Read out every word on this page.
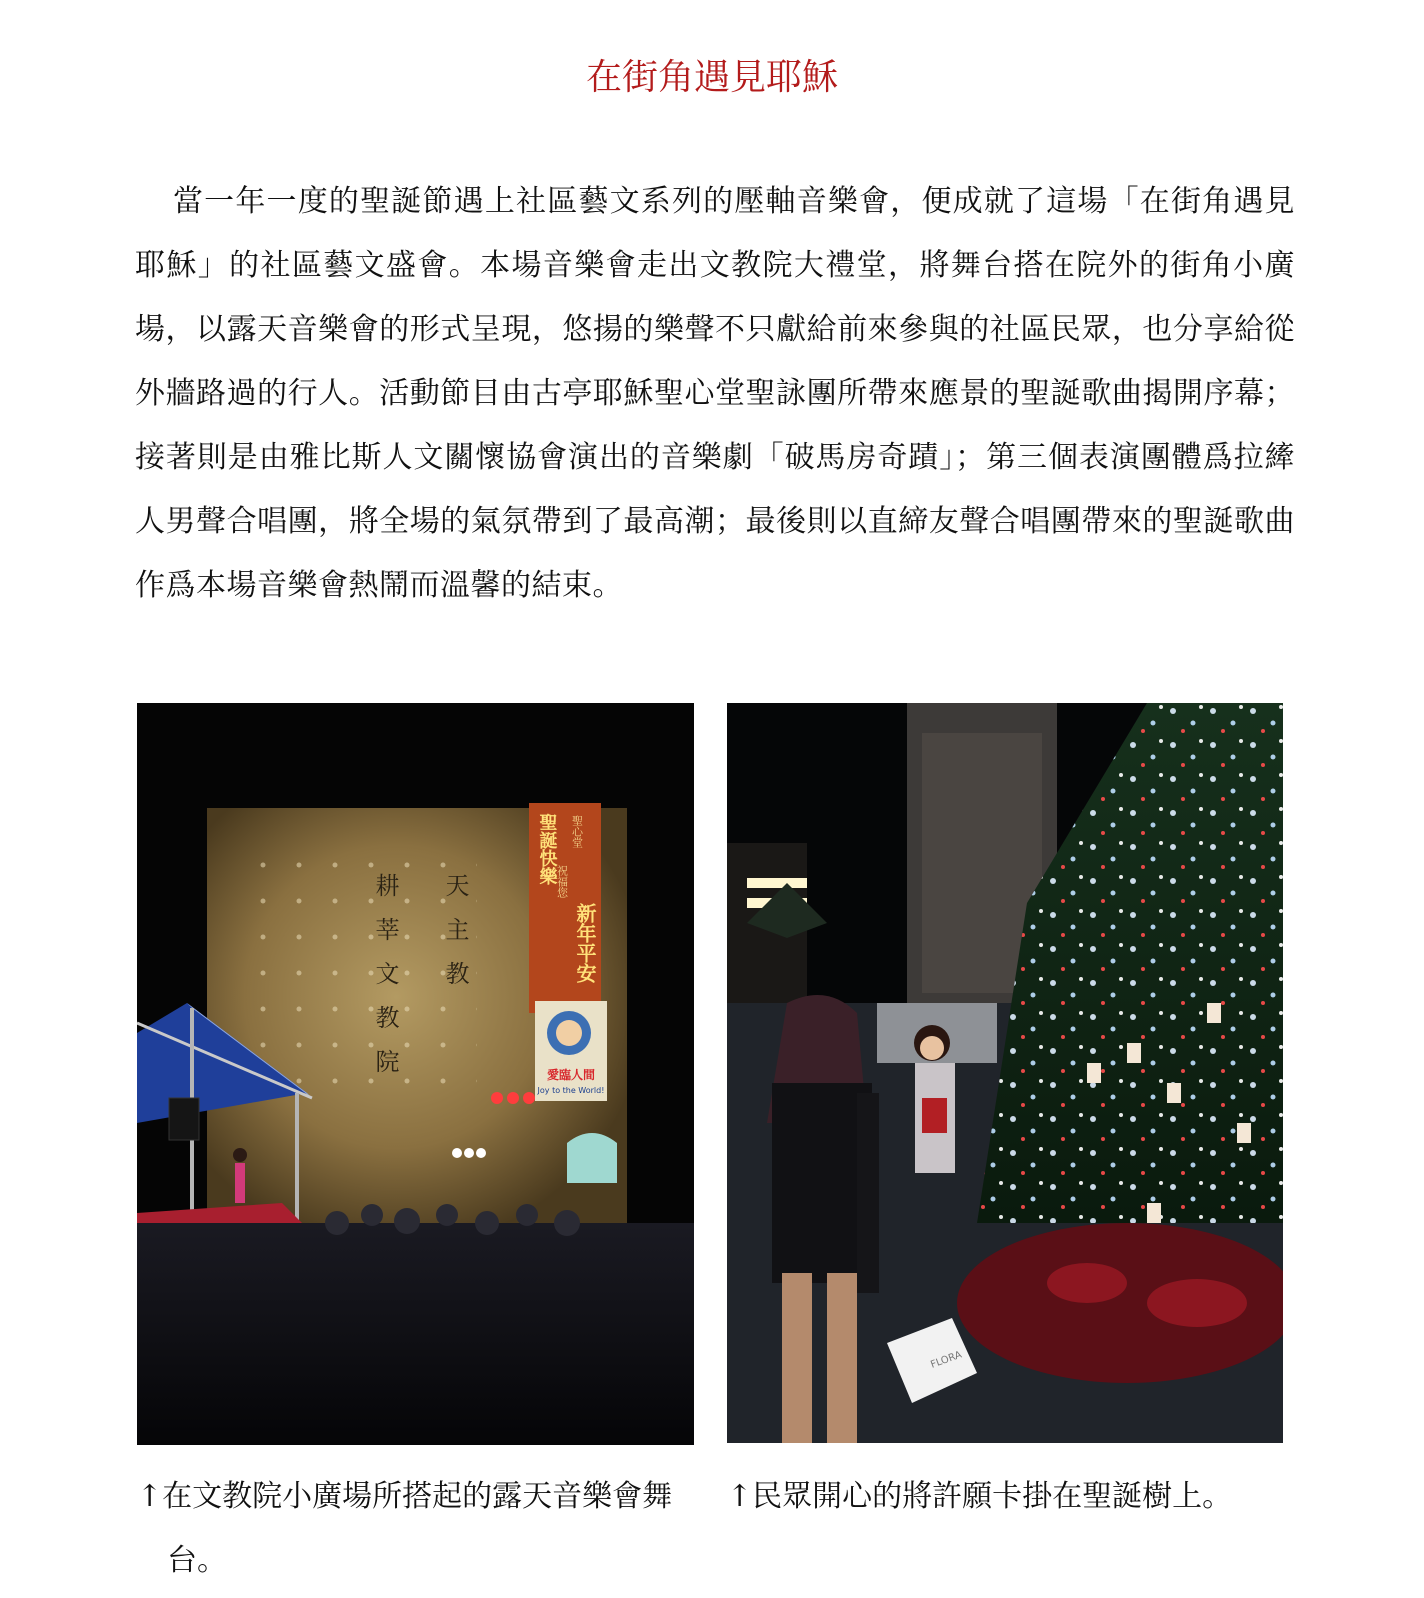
在街角遇見耶穌

當一年一度的聖誕節遇上社區藝文系列的壓軸音樂會，便成就了這場「在街角遇見耶穌」的社區藝文盛會。本場音樂會走出文教院大禮堂，將舞台搭在院外的街角小廣場，以露天音樂會的形式呈現，悠揚的樂聲不只獻給前來參與的社區民眾，也分享給從外牆路過的行人。活動節目由古亭耶穌聖心堂聖詠團所帶來應景的聖誕歌曲揭開序幕；接著則是由雅比斯人文關懷協會演出的音樂劇「破馬房奇蹟」；第三個表演團體爲拉縴人男聲合唱團，將全場的氣氛帶到了最高潮；最後則以直締友聲合唱團帶來的聖誕歌曲作爲本場音樂會熱鬧而溫馨的結束。

天主教
耕莘文教院
聖心堂
祝福您
聖誕快樂
新年平安
愛臨人間
Joy to the World!
FLORA

↑在文教院小廣場所搭起的露天音樂會舞台。

↑民眾開心的將許願卡掛在聖誕樹上。
